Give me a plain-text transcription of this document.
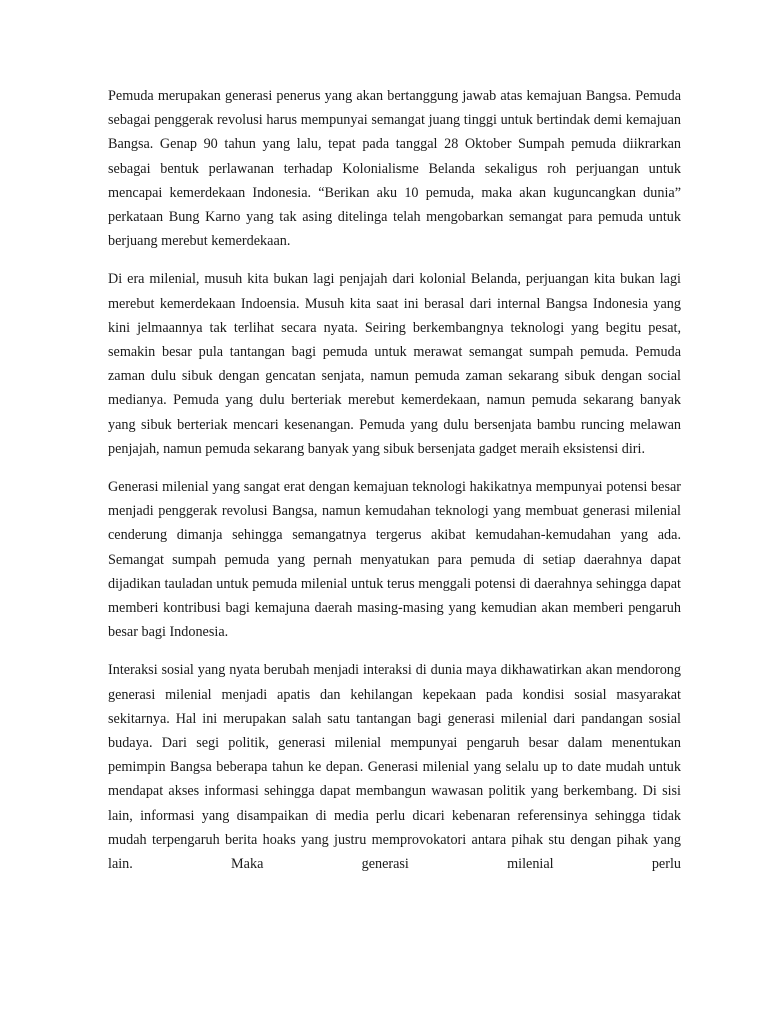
Pemuda merupakan generasi penerus yang akan bertanggung jawab atas kemajuan Bangsa. Pemuda sebagai penggerak revolusi harus mempunyai semangat juang tinggi untuk bertindak demi kemajuan Bangsa. Genap 90 tahun yang lalu, tepat pada tanggal 28 Oktober Sumpah pemuda diikrarkan sebagai bentuk perlawanan terhadap Kolonialisme Belanda sekaligus roh perjuangan untuk mencapai kemerdekaan Indonesia. “Berikan aku 10 pemuda, maka akan kuguncangkan dunia” perkataan Bung Karno yang tak asing ditelinga telah mengobarkan semangat para pemuda untuk berjuang merebut kemerdekaan.

Di era milenial, musuh kita bukan lagi penjajah dari kolonial Belanda, perjuangan kita bukan lagi merebut kemerdekaan Indoensia. Musuh kita saat ini berasal dari internal Bangsa Indonesia yang kini jelmaannya tak terlihat secara nyata. Seiring berkembangnya teknologi yang begitu pesat, semakin besar pula tantangan bagi pemuda untuk merawat semangat sumpah pemuda. Pemuda zaman dulu sibuk dengan gencatan senjata, namun pemuda zaman sekarang sibuk dengan social medianya. Pemuda yang dulu berteriak merebut kemerdekaan, namun pemuda sekarang banyak yang sibuk berteriak mencari kesenangan. Pemuda yang dulu bersenjata bambu runcing melawan penjajah, namun pemuda sekarang banyak yang sibuk bersenjata gadget meraih eksistensi diri.

Generasi milenial yang sangat erat dengan kemajuan teknologi hakikatnya mempunyai potensi besar menjadi penggerak revolusi Bangsa, namun kemudahan teknologi yang membuat generasi milenial cenderung dimanja sehingga semangatnya tergerus akibat kemudahan-kemudahan yang ada. Semangat sumpah pemuda yang pernah menyatukan para pemuda di setiap daerahnya dapat dijadikan tauladan untuk pemuda milenial untuk terus menggali potensi di daerahnya sehingga dapat memberi kontribusi bagi kemajuna daerah masing-masing yang kemudian akan memberi pengaruh besar bagi Indonesia.

Interaksi sosial yang nyata berubah menjadi interaksi di dunia maya dikhawatirkan akan mendorong generasi milenial menjadi apatis dan kehilangan kepekaan pada kondisi sosial masyarakat sekitarnya. Hal ini merupakan salah satu tantangan bagi generasi milenial dari pandangan sosial budaya. Dari segi politik, generasi milenial mempunyai pengaruh besar dalam menentukan pemimpin Bangsa beberapa tahun ke depan. Generasi milenial yang selalu up to date mudah untuk mendapat akses informasi sehingga dapat membangun wawasan politik yang berkembang. Di sisi lain, informasi yang disampaikan di media perlu dicari kebenaran referensinya sehingga tidak mudah terpengaruh berita hoaks yang justru memprovokatori antara pihak stu dengan pihak yang lain. Maka generasi milenial perlu
